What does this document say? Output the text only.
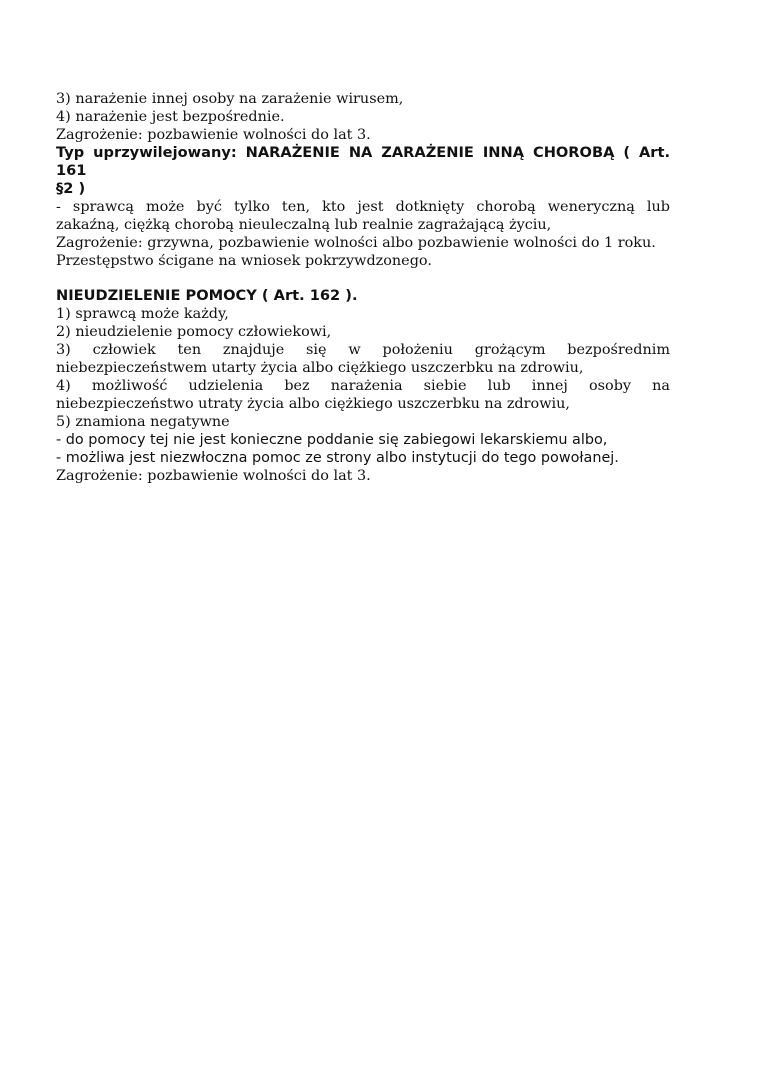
3) narażenie innej osoby na zarażenie wirusem,
4) narażenie jest bezpośrednie.
Zagrożenie: pozbawienie wolności do lat 3.
Typ uprzywilejowany: NARAŻENIE NA ZARAŻENIE INNĄ CHOROBĄ ( Art. 161
§2 )
- sprawcą może być tylko ten, kto jest dotknięty chorobą weneryczną lub
zakaźną, ciężką chorobą nieuleczalną lub realnie zagrażającą życiu,
Zagrożenie: grzywna, pozbawienie wolności albo pozbawienie wolności do 1 roku.
Przestępstwo ścigane na wniosek pokrzywdzonego.
NIEUDZIELENIE POMOCY ( Art. 162 ).
1) sprawcą może każdy,
2) nieudzielenie pomocy człowiekowi,
3) człowiek ten znajduje się w położeniu grożącym bezpośrednim
niebezpieczeństwem utarty życia albo ciężkiego uszczerbku na zdrowiu,
4) możliwość udzielenia bez narażenia siebie lub innej osoby na
niebezpieczeństwo utraty życia albo ciężkiego uszczerbku na zdrowiu,
5) znamiona negatywne
- do pomocy tej nie jest konieczne poddanie się zabiegowi lekarskiemu albo,
- możliwa jest niezwłoczna pomoc ze strony albo instytucji do tego powołanej.
Zagrożenie: pozbawienie wolności do lat 3.
